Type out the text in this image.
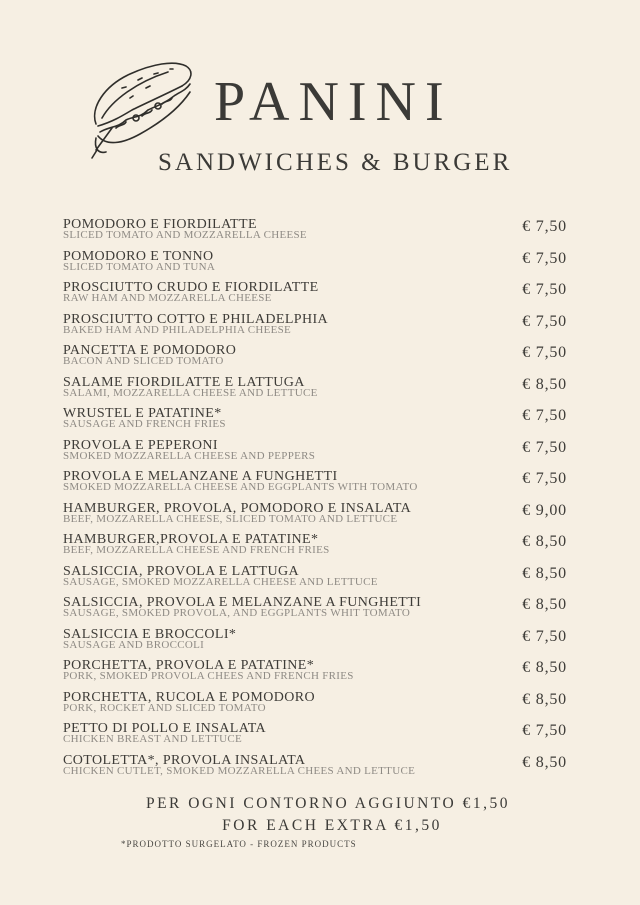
PANINI
SANDWICHES & BURGER
POMODORO E FIORDILATTE
SLICED TOMATO AND MOZZARELLA CHEESE	€ 7,50
POMODORO E TONNO
SLICED TOMATO AND TUNA	€ 7,50
PROSCIUTTO CRUDO E FIORDILATTE
RAW HAM AND MOZZARELLA CHEESE	€ 7,50
PROSCIUTTO COTTO E PHILADELPHIA
BAKED HAM AND PHILADELPHIA CHEESE	€ 7,50
PANCETTA E POMODORO
BACON AND SLICED TOMATO	€ 7,50
SALAME FIORDILATTE E LATTUGA
SALAMI, MOZZARELLA CHEESE AND LETTUCE	€ 8,50
WRUSTEL E PATATINE*
SAUSAGE AND FRENCH FRIES	€ 7,50
PROVOLA E PEPERONI
SMOKED MOZZARELLA CHEESE AND PEPPERS	€ 7,50
PROVOLA E MELANZANE A FUNGHETTI
SMOKED MOZZARELLA CHEESE AND EGGPLANTS WITH TOMATO	€ 7,50
HAMBURGER, PROVOLA, POMODORO E INSALATA
BEEF, MOZZARELLA CHEESE, SLICED TOMATO AND LETTUCE	€ 9,00
HAMBURGER,PROVOLA E PATATINE*
BEEF, MOZZARELLA CHEESE AND FRENCH FRIES	€ 8,50
SALSICCIA, PROVOLA E LATTUGA
SAUSAGE, SMOKED MOZZARELLA CHEESE AND LETTUCE	€ 8,50
SALSICCIA, PROVOLA E MELANZANE A FUNGHETTI
SAUSAGE, SMOKED PROVOLA, AND EGGPLANTS WHIT TOMATO	€ 8,50
SALSICCIA E BROCCOLI*
SAUSAGE AND BROCCOLI	€ 7,50
PORCHETTA, PROVOLA E PATATINE*
PORK, SMOKED PROVOLA CHEES AND FRENCH FRIES	€ 8,50
PORCHETTA, RUCOLA E POMODORO
PORK, ROCKET AND SLICED TOMATO	€ 8,50
PETTO DI POLLO E INSALATA
CHICKEN BREAST AND LETTUCE	€ 7,50
COTOLETTA*, PROVOLA INSALATA
CHICKEN CUTLET, SMOKED MOZZARELLA CHEES AND LETTUCE	€ 8,50
PER OGNI CONTORNO AGGIUNTO €1,50
FOR EACH EXTRA €1,50
*PRODOTTO SURGELATO - FROZEN PRODUCTS
